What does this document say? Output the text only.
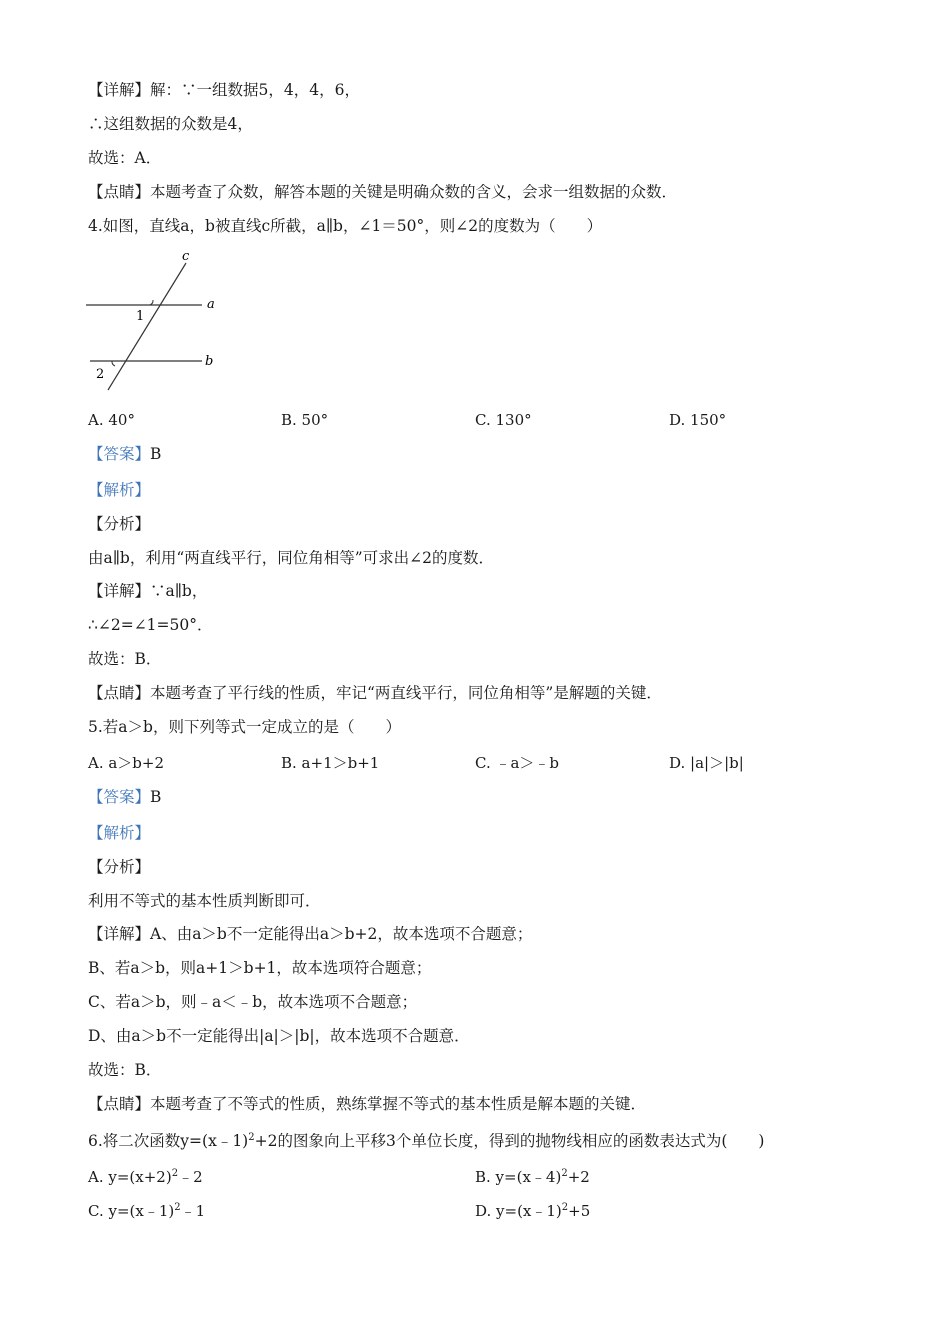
【详解】解：∵一组数据5，4，4，6，
∴这组数据的众数是4，
故选：A．
【点睛】本题考查了众数，解答本题的关键是明确众数的含义，会求一组数据的众数．
4.如图，直线a，b被直线c所截，a∥b，∠1＝50°，则∠2的度数为（　　）
c
a
b
1
2
A. 40°	B. 50°	C. 130°	D. 150°
【答案】B
【解析】
【分析】
由a∥b，利用“两直线平行，同位角相等”可求出∠2的度数．
【详解】∵a∥b，
∴∠2=∠1=50°．
故选：B．
【点睛】本题考查了平行线的性质，牢记“两直线平行，同位角相等”是解题的关键．
5.若a＞b，则下列等式一定成立的是（　　）
A. a＞b+2	B. a+1＞b+1	C. ﹣a＞﹣b	D. |a|＞|b|
【答案】B
【解析】
【分析】
利用不等式的基本性质判断即可．
【详解】A、由a＞b不一定能得出a＞b+2，故本选项不合题意；
B、若a＞b，则a+1＞b+1，故本选项符合题意；
C、若a＞b，则﹣a＜﹣b，故本选项不合题意；
D、由a＞b不一定能得出|a|＞|b|，故本选项不合题意．
故选：B．
【点睛】本题考查了不等式的性质，熟练掌握不等式的基本性质是解本题的关键．
6.将二次函数y=(x﹣1)$^2$+2的图象向上平移3个单位长度，得到的抛物线相应的函数表达式为(　　)
A. $y=(x+2)^2﹣2$	B. y=(x﹣4)$^2$+2
C. y=(x﹣1)$^2$﹣1	D. y=(x﹣1)$^2$+5
